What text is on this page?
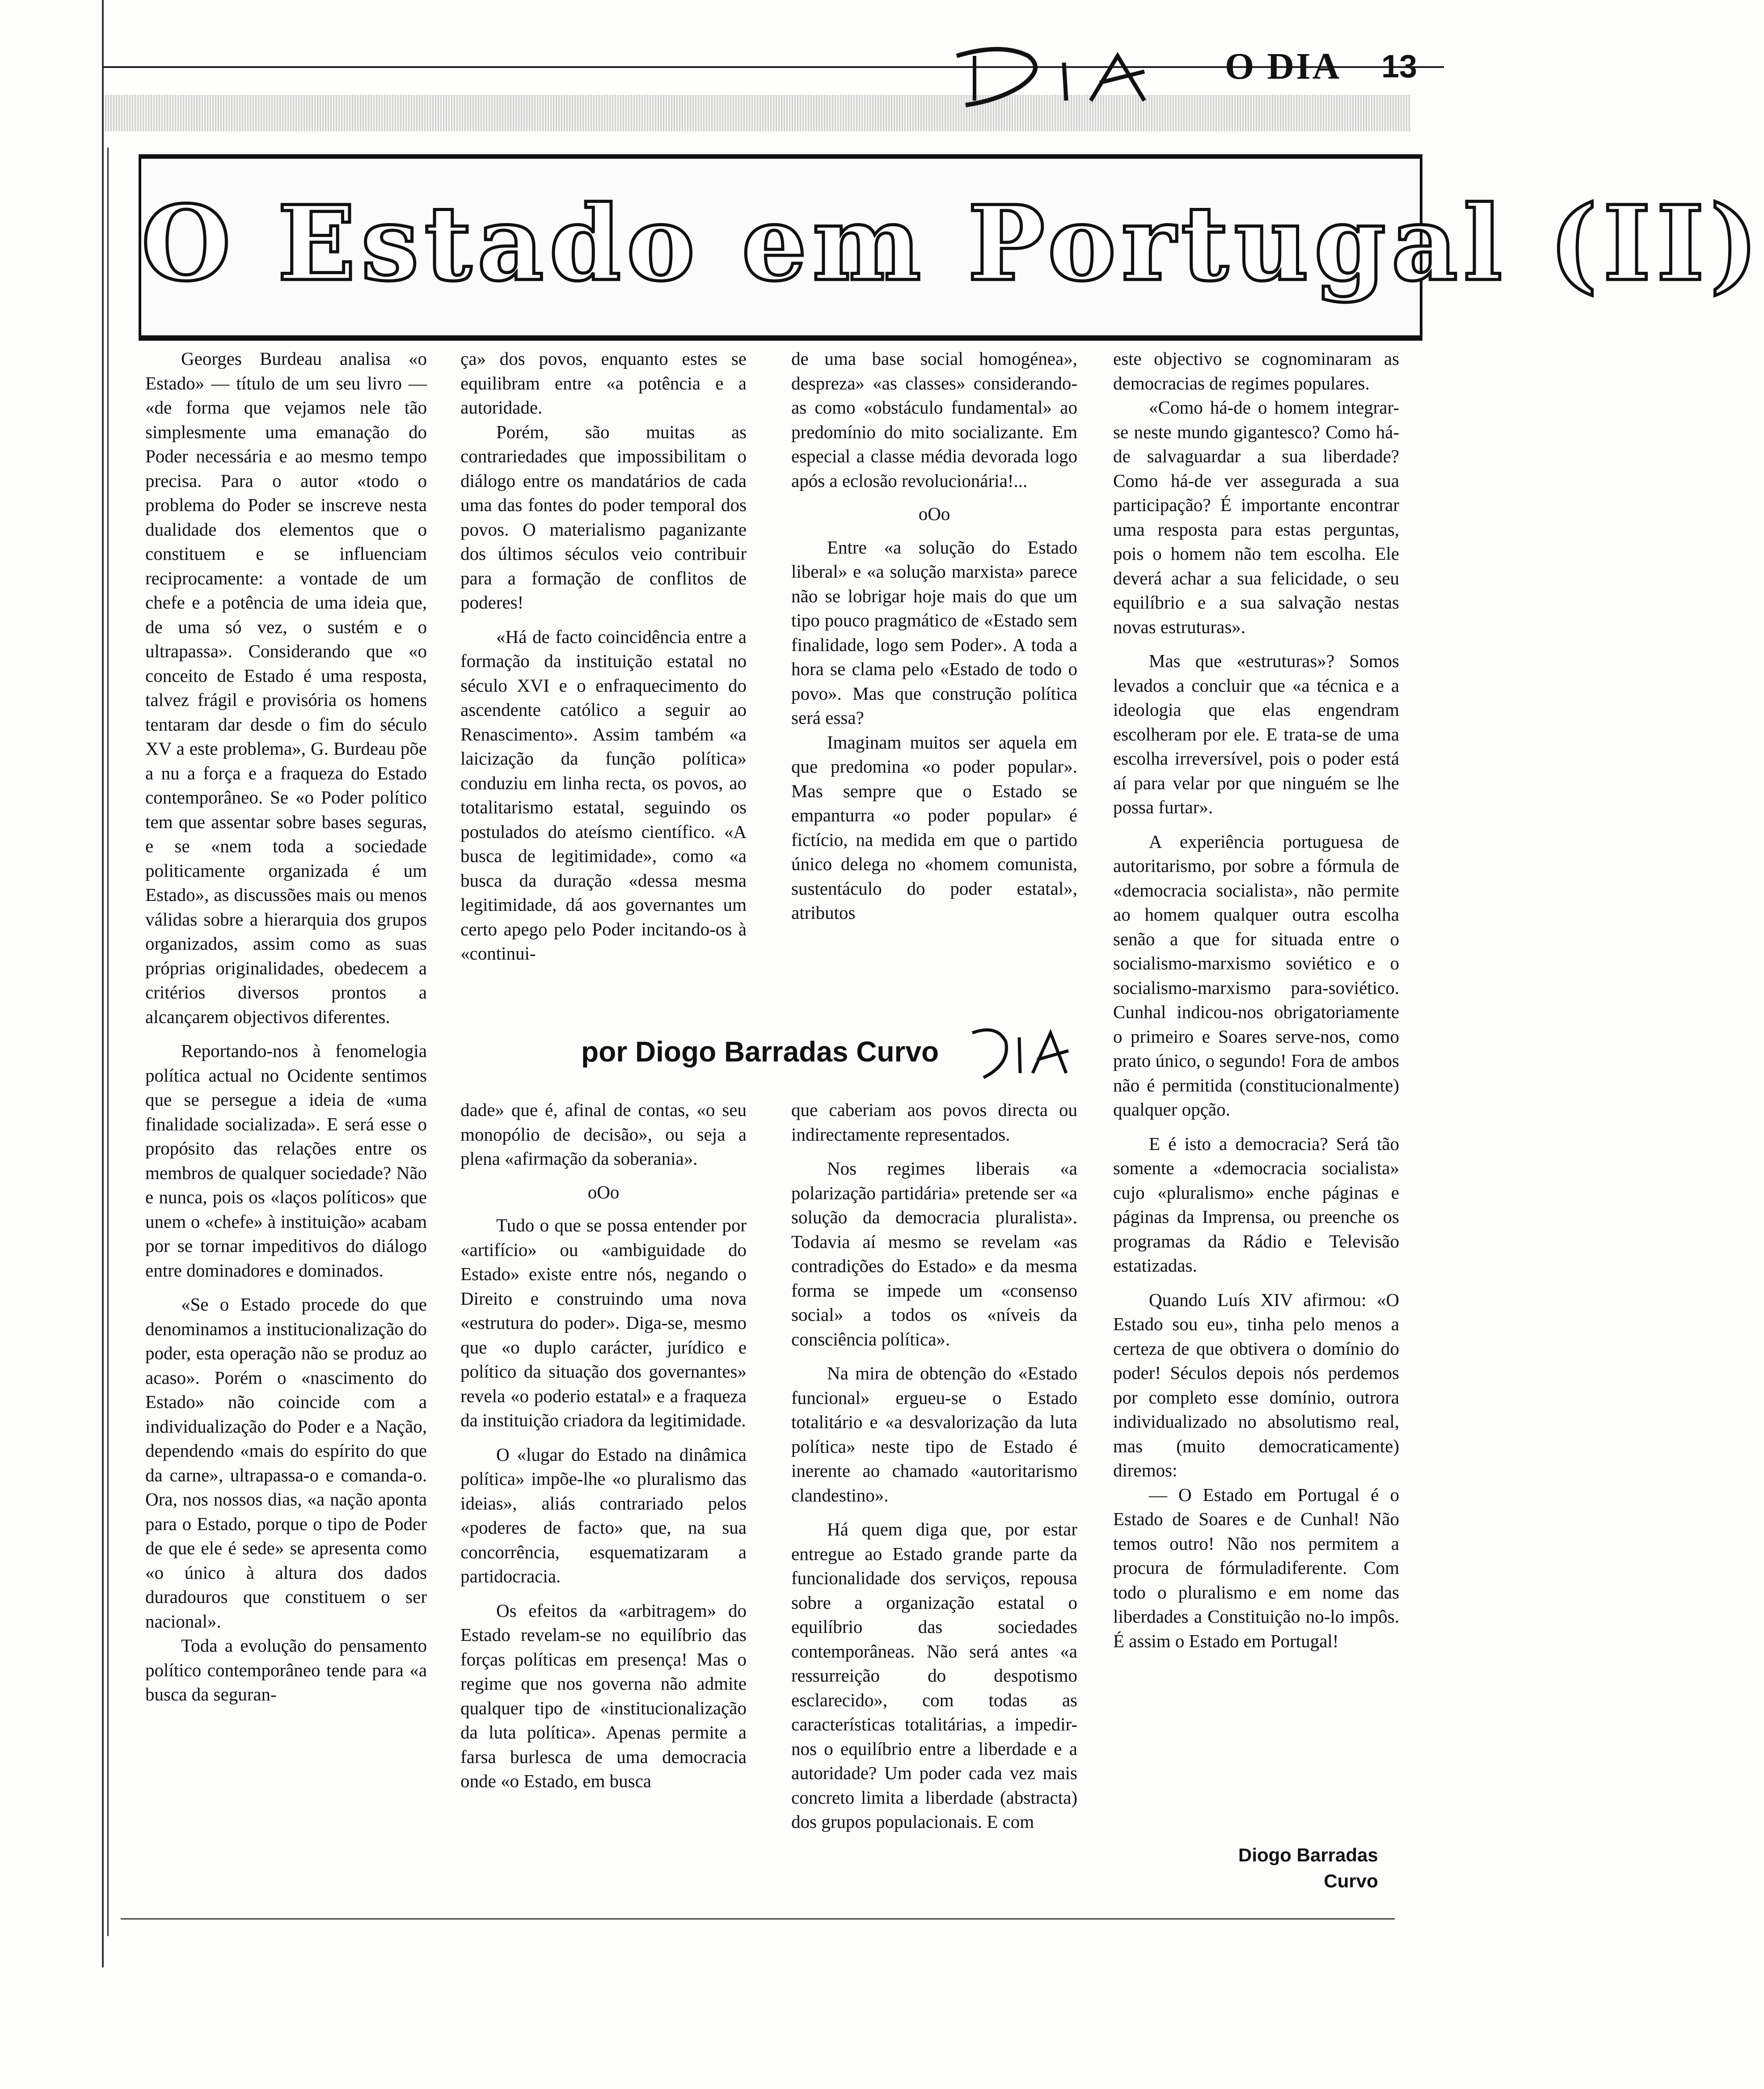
O DIA 13
O Estado em Portugal (II)

Georges Burdeau analisa «o Estado» — título de um seu livro — «de forma que vejamos nele tão simplesmente uma emanação do Poder necessária e ao mesmo tempo precisa. Para o autor «todo o problema do Poder se inscreve nesta dualidade dos elementos que o constituem e se influenciam reciprocamente: a vontade de um chefe e a potência de uma ideia que, de uma só vez, o sustém e o ultrapassa». Considerando que «o conceito de Estado é uma resposta, talvez frágil e provisória os homens tentaram dar desde o fim do século XV a este problema», G. Burdeau põe a nu a força e a fraqueza do Estado contemporâneo. Se «o Poder político tem que assentar sobre bases seguras, e se «nem toda a sociedade politicamente organizada é um Estado», as discussões mais ou menos válidas sobre a hierarquia dos grupos organizados, assim como as suas próprias originalidades, obedecem a critérios diversos prontos a alcançarem objectivos diferentes.

Reportando-nos à fenomelogia política actual no Ocidente sentimos que se persegue a ideia de «uma finalidade socializada». E será esse o propósito das relações entre os membros de qualquer sociedade? Não e nunca, pois os «laços políticos» que unem o «chefe» à instituição» acabam por se tornar impeditivos do diálogo entre dominadores e dominados.

«Se o Estado procede do que denominamos a institucionalização do poder, esta operação não se produz ao acaso». Porém o «nascimento do Estado» não coincide com a individualização do Poder e a Nação, dependendo «mais do espírito do que da carne», ultrapassa-o e comanda-o. Ora, nos nossos dias, «a nação aponta para o Estado, porque o tipo de Poder de que ele é sede» se apresenta como «o único à altura dos dados duradouros que constituem o ser nacional».

Toda a evolução do pensamento político contemporâneo tende para «a busca da seguran-

ça» dos povos, enquanto estes se equilibram entre «a potência e a autoridade.

Porém, são muitas as contrariedades que impossibilitam o diálogo entre os mandatários de cada uma das fontes do poder temporal dos povos. O materialismo paganizante dos últimos séculos veio contribuir para a formação de conflitos de poderes!

«Há de facto coincidência entre a formação da instituição estatal no século XVI e o enfraquecimento do ascendente católico a seguir ao Renascimento». Assim também «a laicização da função política» conduziu em linha recta, os povos, ao totalitarismo estatal, seguindo os postulados do ateísmo científico. «A busca de legitimidade», como «a busca da duração «dessa mesma legitimidade, dá aos governantes um certo apego pelo Poder incitando-os à «continui-

de uma base social homogénea», despreza» «as classes» considerando-as como «obstáculo fundamental» ao predomínio do mito socializante. Em especial a classe média devorada logo após a eclosão revolucionária!...

oOo

Entre «a solução do Estado liberal» e «a solução marxista» parece não se lobrigar hoje mais do que um tipo pouco pragmático de «Estado sem finalidade, logo sem Poder». A toda a hora se clama pelo «Estado de todo o povo». Mas que construção política será essa?

Imaginam muitos ser aquela em que predomina «o poder popular». Mas sempre que o Estado se empanturra «o poder popular» é fictício, na medida em que o partido único delega no «homem comunista, sustentáculo do poder estatal», atributos

por Diogo Barradas Curvo

dade» que é, afinal de contas, «o seu monopólio de decisão», ou seja a plena «afirmação da soberania».

oOo

Tudo o que se possa entender por «artifício» ou «ambiguidade do Estado» existe entre nós, negando o Direito e construindo uma nova «estrutura do poder». Diga-se, mesmo que «o duplo carácter, jurídico e político da situação dos governantes» revela «o poderio estatal» e a fraqueza da instituição criadora da legitimidade.

O «lugar do Estado na dinâmica política» impõe-lhe «o pluralismo das ideias», aliás contrariado pelos «poderes de facto» que, na sua concorrência, esquematizaram a partidocracia.

Os efeitos da «arbitragem» do Estado revelam-se no equilíbrio das forças políticas em presença! Mas o regime que nos governa não admite qualquer tipo de «institucionalização da luta política». Apenas permite a farsa burlesca de uma democracia onde «o Estado, em busca

que caberiam aos povos directa ou indirectamente representados.

Nos regimes liberais «a polarização partidária» pretende ser «a solução da democracia pluralista». Todavia aí mesmo se revelam «as contradições do Estado» e da mesma forma se impede um «consenso social» a todos os «níveis da consciência política».

Na mira de obtenção do «Estado funcional» ergueu-se o Estado totalitário e «a desvalorização da luta política» neste tipo de Estado é inerente ao chamado «autoritarismo clandestino».

Há quem diga que, por estar entregue ao Estado grande parte da funcionalidade dos serviços, repousa sobre a organização estatal o equilíbrio das sociedades contemporâneas. Não será antes «a ressurreição do despotismo esclarecido», com todas as características totalitárias, a impedir-nos o equilíbrio entre a liberdade e a autoridade? Um poder cada vez mais concreto limita a liberdade (abstracta) dos grupos populacionais. E com

este objectivo se cognominaram as democracias de regimes populares.

«Como há-de o homem integrar-se neste mundo gigantesco? Como há-de salvaguardar a sua liberdade? Como há-de ver assegurada a sua participação? É importante encontrar uma resposta para estas perguntas, pois o homem não tem escolha. Ele deverá achar a sua felicidade, o seu equilíbrio e a sua salvação nestas novas estruturas».

Mas que «estruturas»? Somos levados a concluir que «a técnica e a ideologia que elas engendram escolheram por ele. E trata-se de uma escolha irreversível, pois o poder está aí para velar por que ninguém se lhe possa furtar».

A experiência portuguesa de autoritarismo, por sobre a fórmula de «democracia socialista», não permite ao homem qualquer outra escolha senão a que for situada entre o socialismo-marxismo soviético e o socialismo-marxismo para-soviético. Cunhal indicou-nos obrigatoriamente o primeiro e Soares serve-nos, como prato único, o segundo! Fora de ambos não é permitida (constitucionalmente) qualquer opção.

E é isto a democracia? Será tão somente a «democracia socialista» cujo «pluralismo» enche páginas e páginas da Imprensa, ou preenche os programas da Rádio e Televisão estatizadas.

Quando Luís XIV afirmou: «O Estado sou eu», tinha pelo menos a certeza de que obtivera o domínio do poder! Séculos depois nós perdemos por completo esse domínio, outrora individualizado no absolutismo real, mas (muito democraticamente) diremos:

— O Estado em Portugal é o Estado de Soares e de Cunhal! Não temos outro! Não nos permitem a procura de fórmuladiferente. Com todo o pluralismo e em nome das liberdades a Constituição no-lo impôs. É assim o Estado em Portugal!

Diogo Barradas
Curvo
